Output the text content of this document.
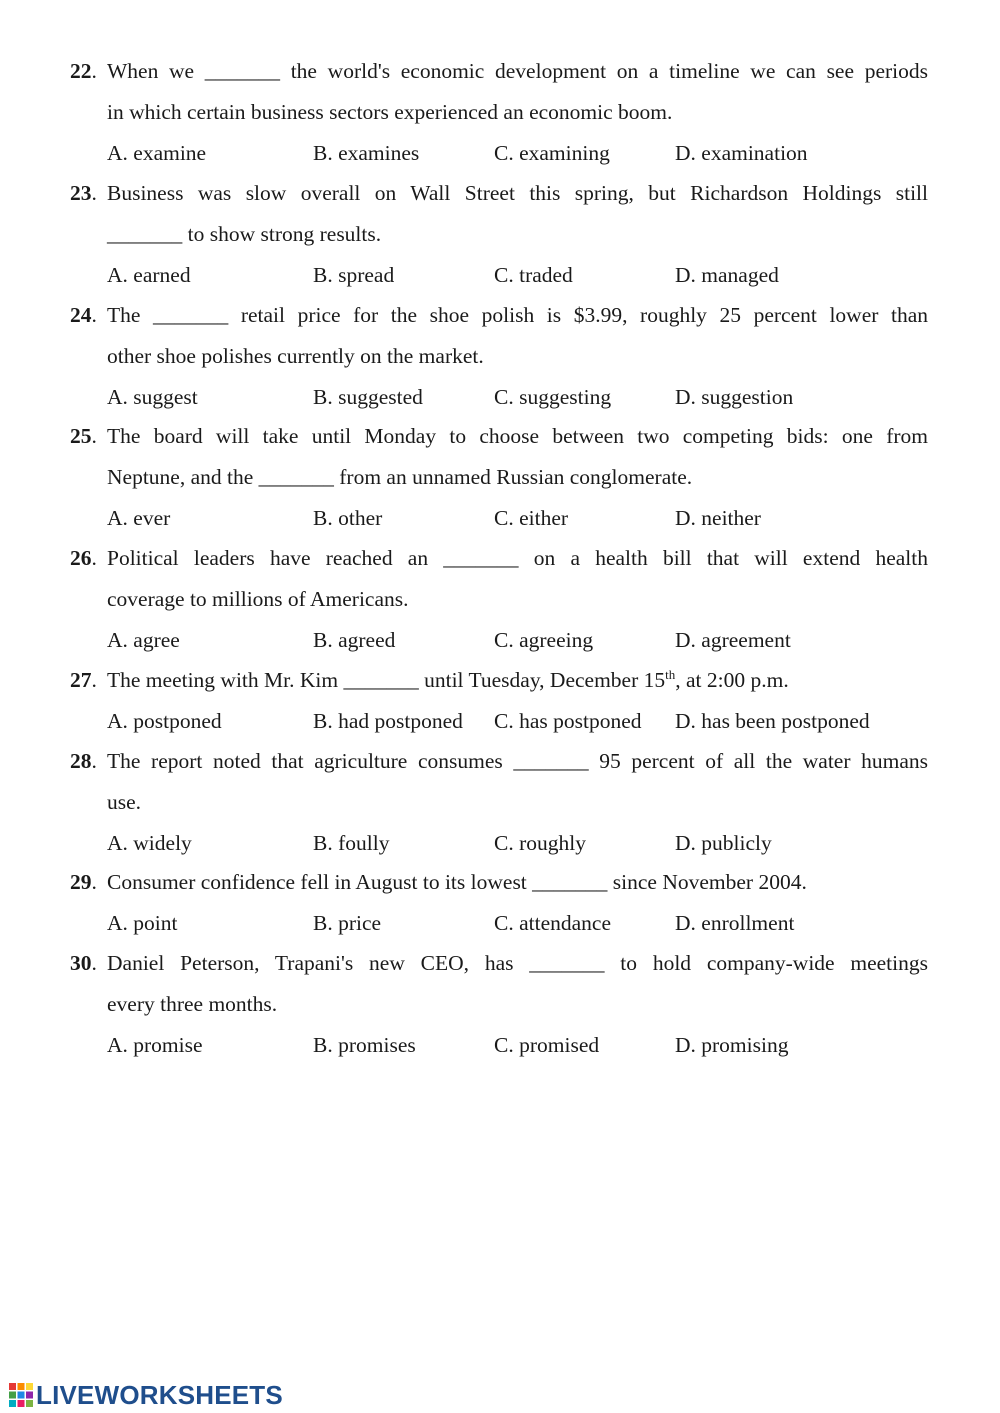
22. When we _______ the world's economic development on a timeline we can see periods
in which certain business sectors experienced an economic boom.
A. examine	B. examines	C. examining	D. examination
23. Business was slow overall on Wall Street this spring, but Richardson Holdings still
_______ to show strong results.
A. earned	B. spread	C. traded	D. managed
24. The _______ retail price for the shoe polish is $3.99, roughly 25 percent lower than
other shoe polishes currently on the market.
A. suggest	B. suggested	C. suggesting	D. suggestion
25. The board will take until Monday to choose between two competing bids: one from
Neptune, and the _______ from an unnamed Russian conglomerate.
A. ever	B. other	C. either	D. neither
26. Political leaders have reached an _______ on a health bill that will extend health
coverage to millions of Americans.
A. agree	B. agreed	C. agreeing	D. agreement
27. The meeting with Mr. Kim _______ until Tuesday, December 15th, at 2:00 p.m.
A. postponed	B. had postponed C. has postponed D. has been postponed
28. The report noted that agriculture consumes _______ 95 percent of all the water humans
use.
A. widely	B. foully	C. roughly	D. publicly
29. Consumer confidence fell in August to its lowest _______ since November 2004.
A. point	B. price	C. attendance	D. enrollment
30. Daniel Peterson, Trapani's new CEO, has _______ to hold company-wide meetings
every three months.
A. promise	B. promises	C. promised	D. promising
LIVEWORKSHEETS
